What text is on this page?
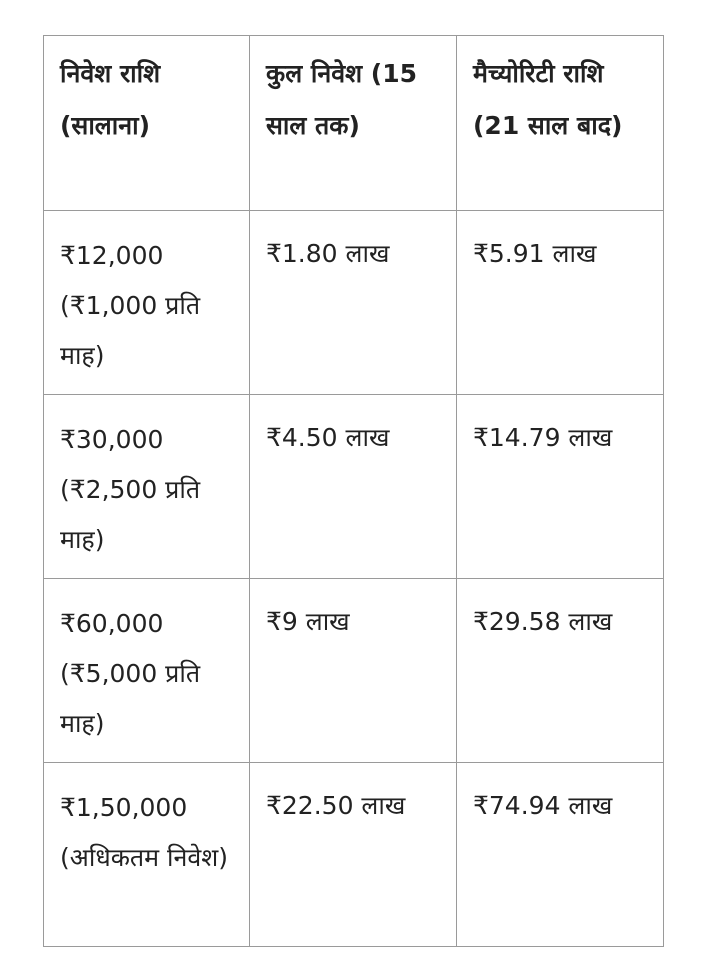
निवेश राशि (सालाना)	कुल निवेश (15 साल तक)	मैच्योरिटी राशि (21 साल बाद)
₹12,000 (₹1,000 प्रति माह)	₹1.80 लाख	₹5.91 लाख
₹30,000 (₹2,500 प्रति माह)	₹4.50 लाख	₹14.79 लाख
₹60,000 (₹5,000 प्रति माह)	₹9 लाख	₹29.58 लाख
₹1,50,000 (अधिकतम निवेश)	₹22.50 लाख	₹74.94 लाख
